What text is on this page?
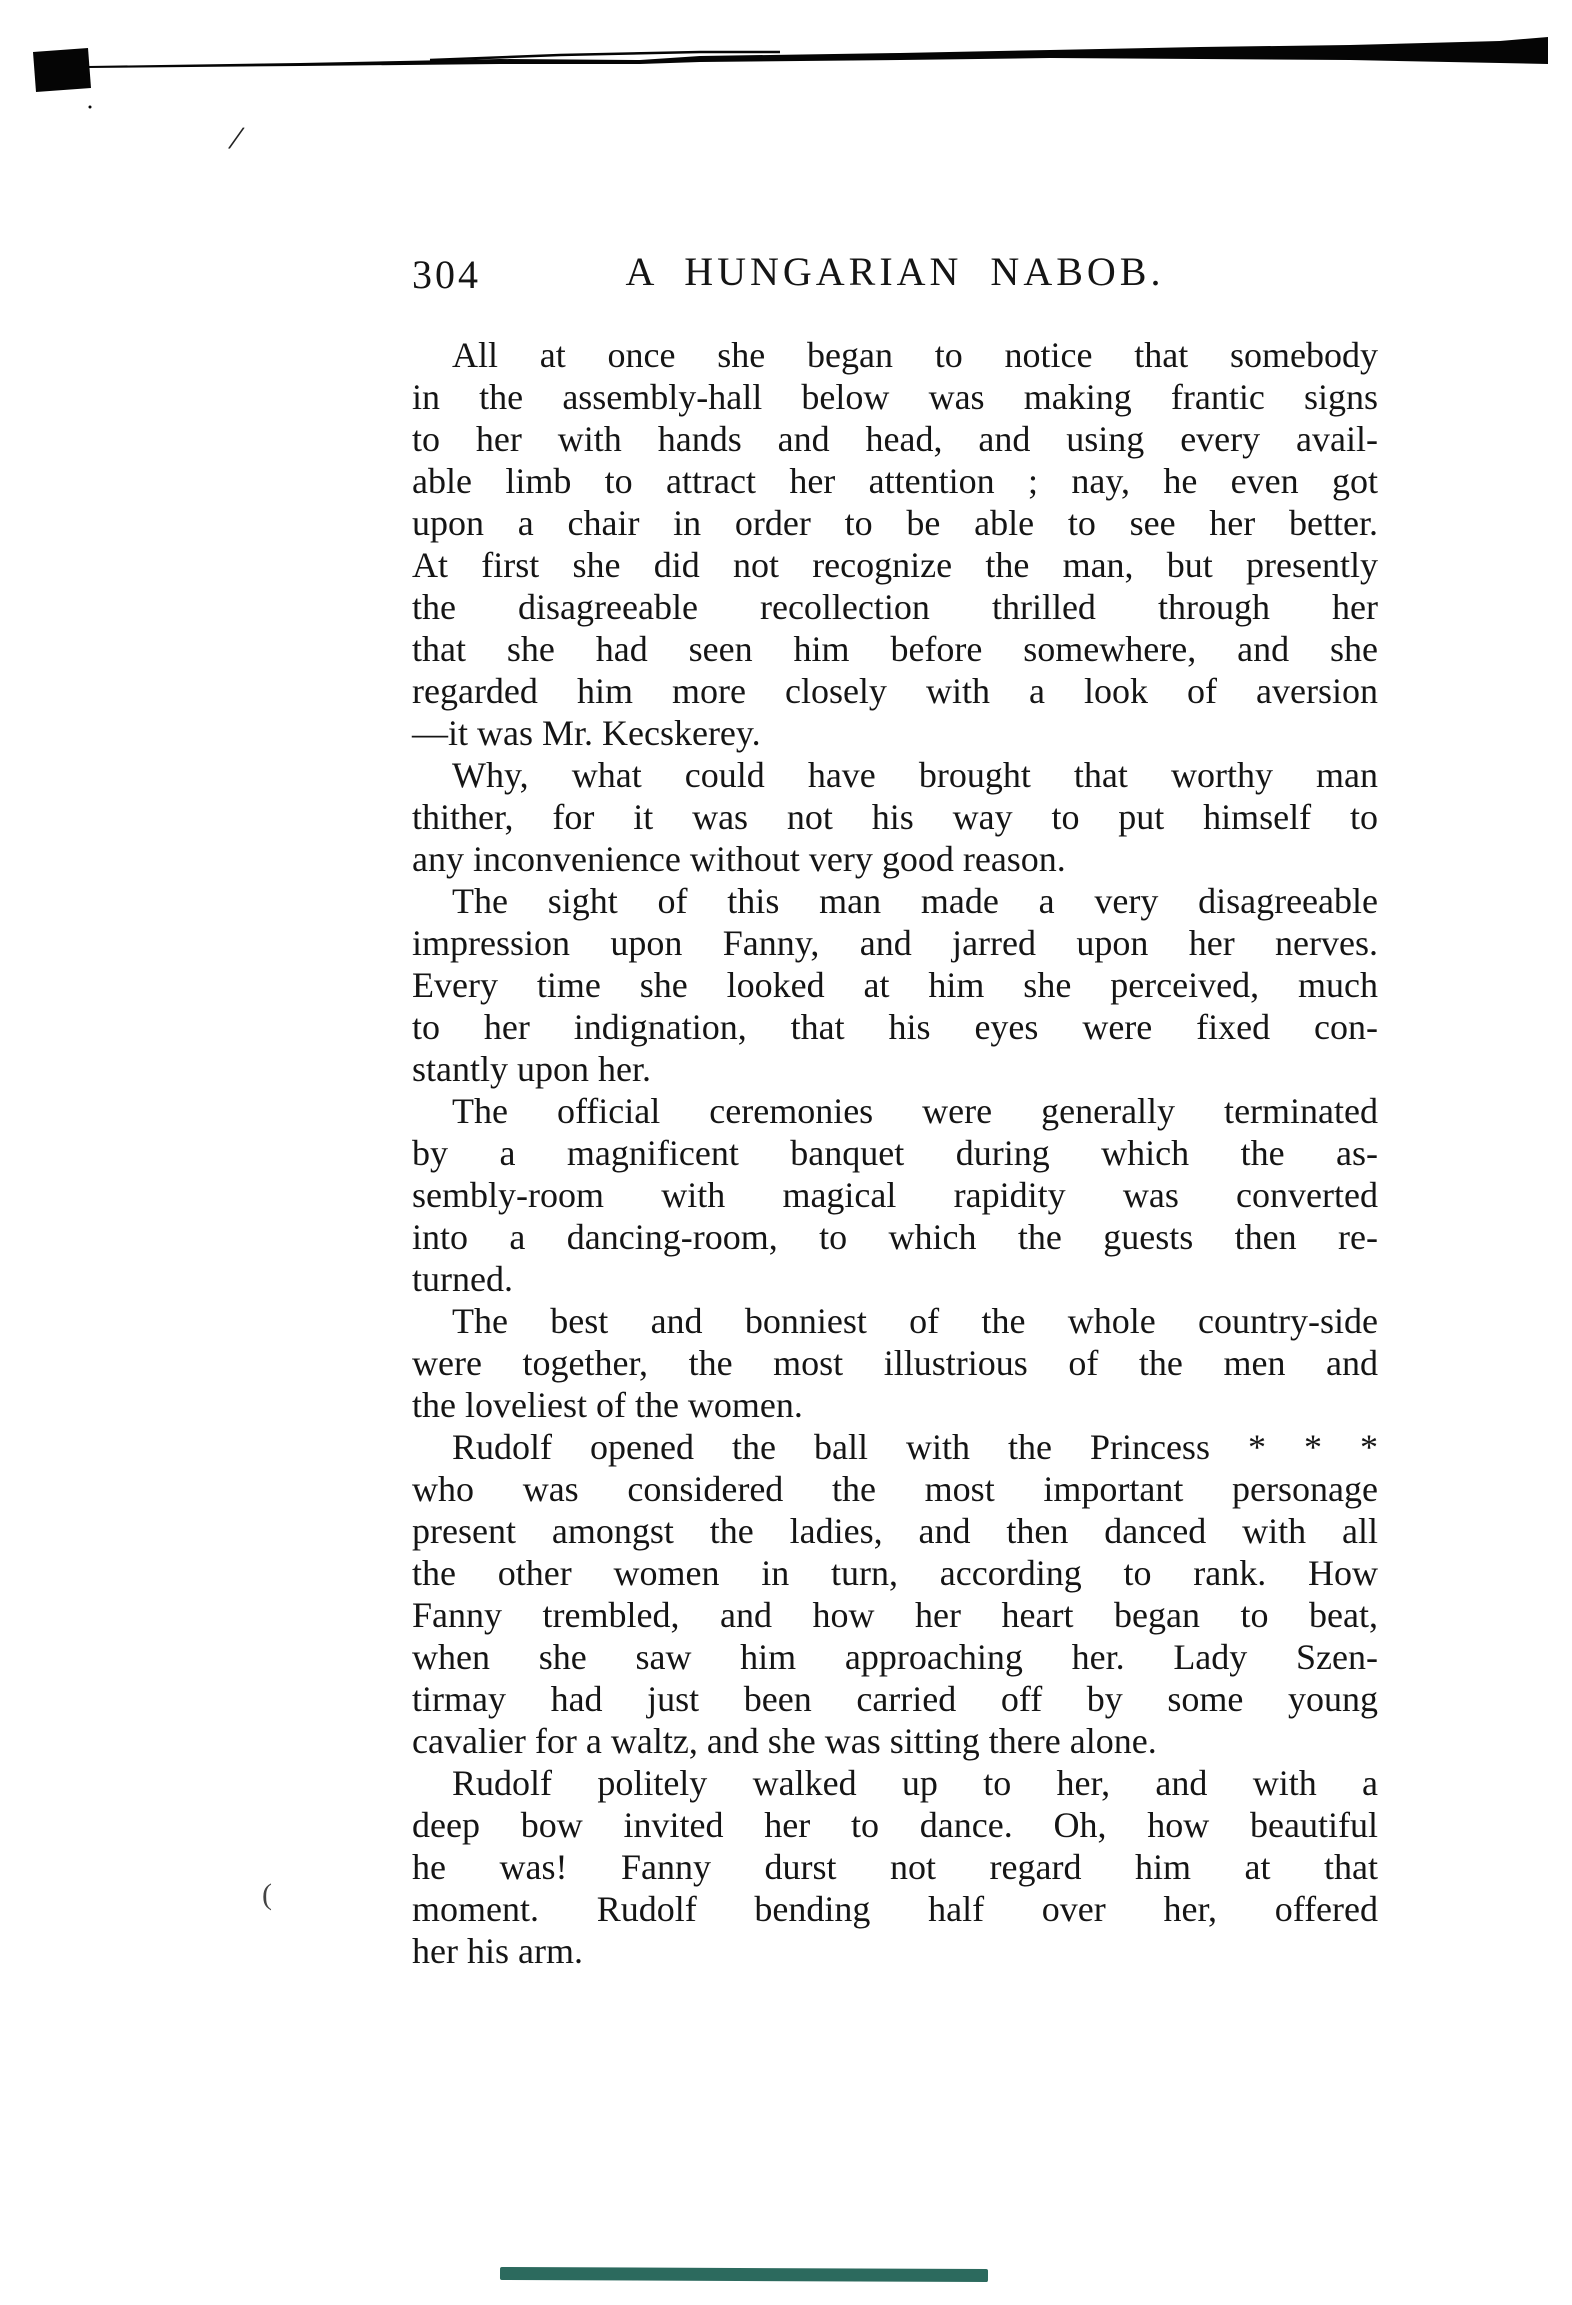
/
304	A HUNGARIAN NABOB.
All at once she began to notice that somebody
in the assembly-hall below was making frantic signs
to her with hands and head, and using every avail-
able limb to attract her attention ; nay, he even got
upon a chair in order to be able to see her better.
At first she did not recognize the man, but presently
the disagreeable recollection thrilled through her
that she had seen him before somewhere, and she
regarded him more closely with a look of aversion
—it was Mr. Kecskerey.
Why, what could have brought that worthy man
thither, for it was not his way to put himself to
any inconvenience without very good reason.
The sight of this man made a very disagreeable
impression upon Fanny, and jarred upon her nerves.
Every time she looked at him she perceived, much
to her indignation, that his eyes were fixed con-
stantly upon her.
The official ceremonies were generally terminated
by a magnificent banquet during which the as-
sembly-room with magical rapidity was converted
into a dancing-room, to which the guests then re-
turned.
The best and bonniest of the whole country-side
were together, the most illustrious of the men and
the loveliest of the women.
Rudolf opened the ball with the Princess * * *
who was considered the most important personage
present amongst the ladies, and then danced with all
the other women in turn, according to rank. How
Fanny trembled, and how her heart began to beat,
when she saw him approaching her. Lady Szen-
tirmay had just been carried off by some young
cavalier for a waltz, and she was sitting there alone.
Rudolf politely walked up to her, and with a
deep bow invited her to dance. Oh, how beautiful
he was! Fanny durst not regard him at that
moment. Rudolf bending half over her, offered
her his arm.
(
